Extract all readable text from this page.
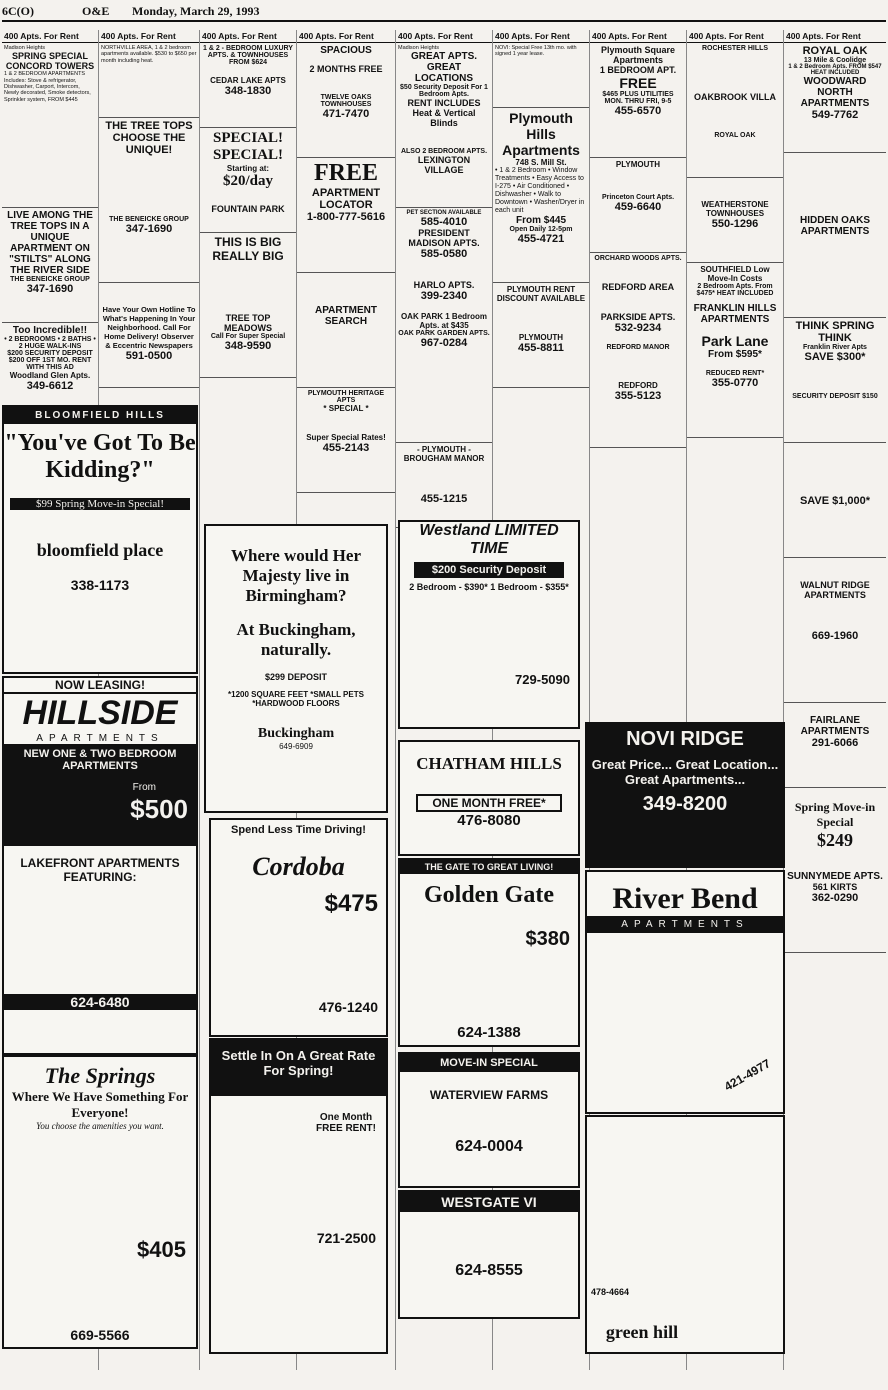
6C(O)	O&E Monday, March 29, 1993
400 Apts. For Rent
Madison Heights
SPRING SPECIAL
CONCORD TOWERS
1 & 2 BEDROOM APARTMENTS Includes: Stove & refrigerator, Dishwasher, Carport, Intercom, Newly decorated, Smoke detectors, Sprinkler system, FROM $445
LIVE AMONG THE TREE TOPS IN A UNIQUE APARTMENT ON "STILTS" ALONG THE RIVER SIDE
THE BENEICKE GROUP
347-1690
Too Incredible!!
• 2 BEDROOMS • 2 BATHS • 2 HUGE WALK-INS
$200 SECURITY DEPOSIT
$200 OFF 1ST MO. RENT WITH THIS AD
Woodland Glen Apts.
349-6612
400 Apts. For Rent
NORTHVILLE AREA, 1 & 2 bedroom apartments available. $530 to $650 per month including heat.
THE TREE TOPS CHOOSE THE UNIQUE!
THE BENEICKE GROUP
347-1690
Have Your Own Hotline To What's Happening In Your Neighborhood. Call For Home Delivery! Observer & Eccentric Newspapers
591-0500
400 Apts. For Rent
1 & 2 - BEDROOM LUXURY APTS. & TOWNHOUSES FROM $624
CEDAR LAKE APTS
348-1830
SPECIAL! SPECIAL!
Starting at:
$20/day
FOUNTAIN PARK
THIS IS BIG REALLY BIG
TREE TOP MEADOWS
Call For Super Special
348-9590
400 Apts. For Rent
SPACIOUS
2 MONTHS FREE
TWELVE OAKS TOWNHOUSES
471-7470
FREE
APARTMENT LOCATOR
1-800-777-5616
APARTMENT SEARCH
PLYMOUTH HERITAGE APTS
* SPECIAL *
Super Special Rates!
455-2143
400 Apts. For Rent
Madison Heights
GREAT APTS. GREAT LOCATIONS
$50 Security Deposit For 1 Bedroom Apts.
RENT INCLUDES Heat & Vertical Blinds
ALSO 2 BEDROOM APTS.
LEXINGTON VILLAGE
PET SECTION AVAILABLE
585-4010
PRESIDENT MADISON APTS.
585-0580
HARLO APTS.
399-2340
OAK PARK 1 Bedroom Apts. at $435
OAK PARK GARDEN APTS.
967-0284
- PLYMOUTH - BROUGHAM MANOR
455-1215
400 Apts. For Rent
NOVI: Special Free 13th mo. with signed 1 year lease.
Plymouth Hills Apartments
748 S. Mill St.
• 1 & 2 Bedroom • Window Treatments • Easy Access to I-275 • Air Conditioned • Dishwasher • Walk to Downtown • Washer/Dryer in each unit
From $445
Open Daily 12-5pm
455-4721
PLYMOUTH RENT DISCOUNT AVAILABLE
PLYMOUTH
455-8811
400 Apts. For Rent
Plymouth Square Apartments
1 BEDROOM APT.
FREE
$465 PLUS UTILITIES
MON. THRU FRI, 9-5
455-6570
PLYMOUTH
Princeton Court Apts.
459-6640
ORCHARD WOODS APTS.
REDFORD AREA
PARKSIDE APTS.
532-9234
REDFORD MANOR
REDFORD
355-5123
400 Apts. For Rent
ROCHESTER HILLS
OAKBROOK VILLA
ROYAL OAK
WEATHERSTONE TOWNHOUSES
550-1296
SOUTHFIELD Low Move-In Costs
2 Bedroom Apts. From $475* HEAT INCLUDED
FRANKLIN HILLS APARTMENTS
Park Lane
From $595*
REDUCED RENT*
355-0770
400 Apts. For Rent
ROYAL OAK
13 Mile & Coolidge
1 & 2 Bedroom Apts. FROM $547 HEAT INCLUDED
WOODWARD NORTH APARTMENTS
549-7762
HIDDEN OAKS APARTMENTS
THINK SPRING THINK
Franklin River Apts
SAVE $300*
SECURITY DEPOSIT $150
SAVE $1,000*
WALNUT RIDGE APARTMENTS
669-1960
FAIRLANE APARTMENTS
291-6066
Spring Move-in Special
$249
SUNNYMEDE APTS.
561 KIRTS
362-0290
BLOOMFIELD HILLS
"You've Got To Be Kidding?"
$99 Spring Move-in Special!
bloomfield place
338-1173
NOW LEASING!
HILLSIDE
APARTMENTS
NEW ONE & TWO BEDROOM APARTMENTS
From
$500
LAKEFRONT APARTMENTS FEATURING:
624-6480
The Springs
Where We Have Something For Everyone!
You choose the amenities you want.
$405
669-5566
Where would Her Majesty live in Birmingham?
At Buckingham, naturally.
$299 DEPOSIT
*1200 SQUARE FEET *SMALL PETS *HARDWOOD FLOORS
Buckingham
649-6909
Spend Less Time Driving!
Cordoba
$475
476-1240
Settle In On A Great Rate For Spring!
One Month FREE RENT!
721-2500
Westland LIMITED TIME
$200 Security Deposit
2 Bedroom - $390* 1 Bedroom - $355*
729-5090
CHATHAM HILLS
ONE MONTH FREE*
476-8080
THE GATE TO GREAT LIVING!
Golden Gate
$380
624-1388
MOVE-IN SPECIAL
WATERVIEW FARMS
624-0004
WESTGATE VI
624-8555
NOVI RIDGE
Great Price... Great Location... Great Apartments...
349-8200
River Bend
APARTMENTS
421-4977
478-4664
green hill
